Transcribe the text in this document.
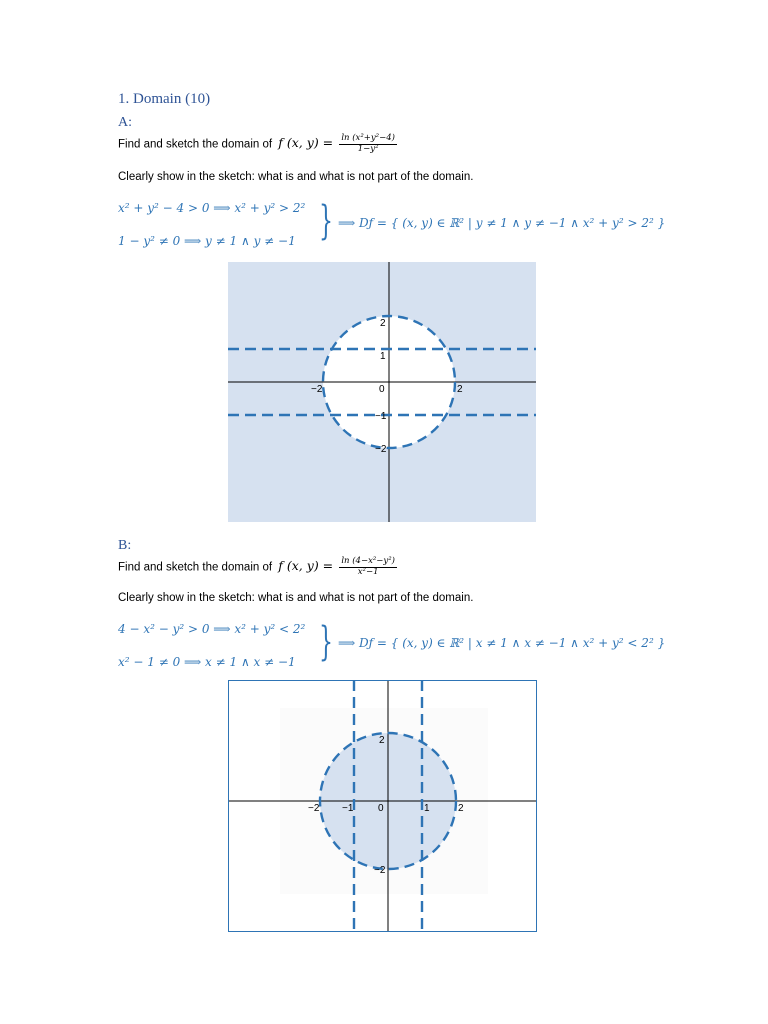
1. Domain (10)
A:
Find and sketch the domain of f (x, $y) = \frac{\text{ln (x²+y²−4)}}{\text{1−y²}}$
Clearly show in the sketch: what is and what is not part of the domain.
x² + y² − 4 > 0 ⟹ x² + y² > 2²
1 − y² ≠ 0 ⟹ y ≠ 1 ∧ y ≠ −1 } ⟹ Dƒ = { (x, y) ∈ ℝ² | y ≠ 1 ∧ y ≠ −1 ∧ x² + y² > 2² }
−2	0	2
2
1
−1
−2
B:
Find and sketch the domain of f (x, $y) = \frac{\text{ln (4−x²−y²)}}{\text{x²−1}}$
Clearly show in the sketch: what is and what is not part of the domain.
4 − x² − y² > 0 ⟹ x² + y² < 2²
x² − 1 ≠ 0 ⟹ x ≠ 1 ∧ x ≠ −1 } ⟹ Dƒ = { (x, y) ∈ ℝ² | x ≠ 1 ∧ x ≠ −1 ∧ x² + y² < 2² }
−2 −1 0	1	2
2
−2
